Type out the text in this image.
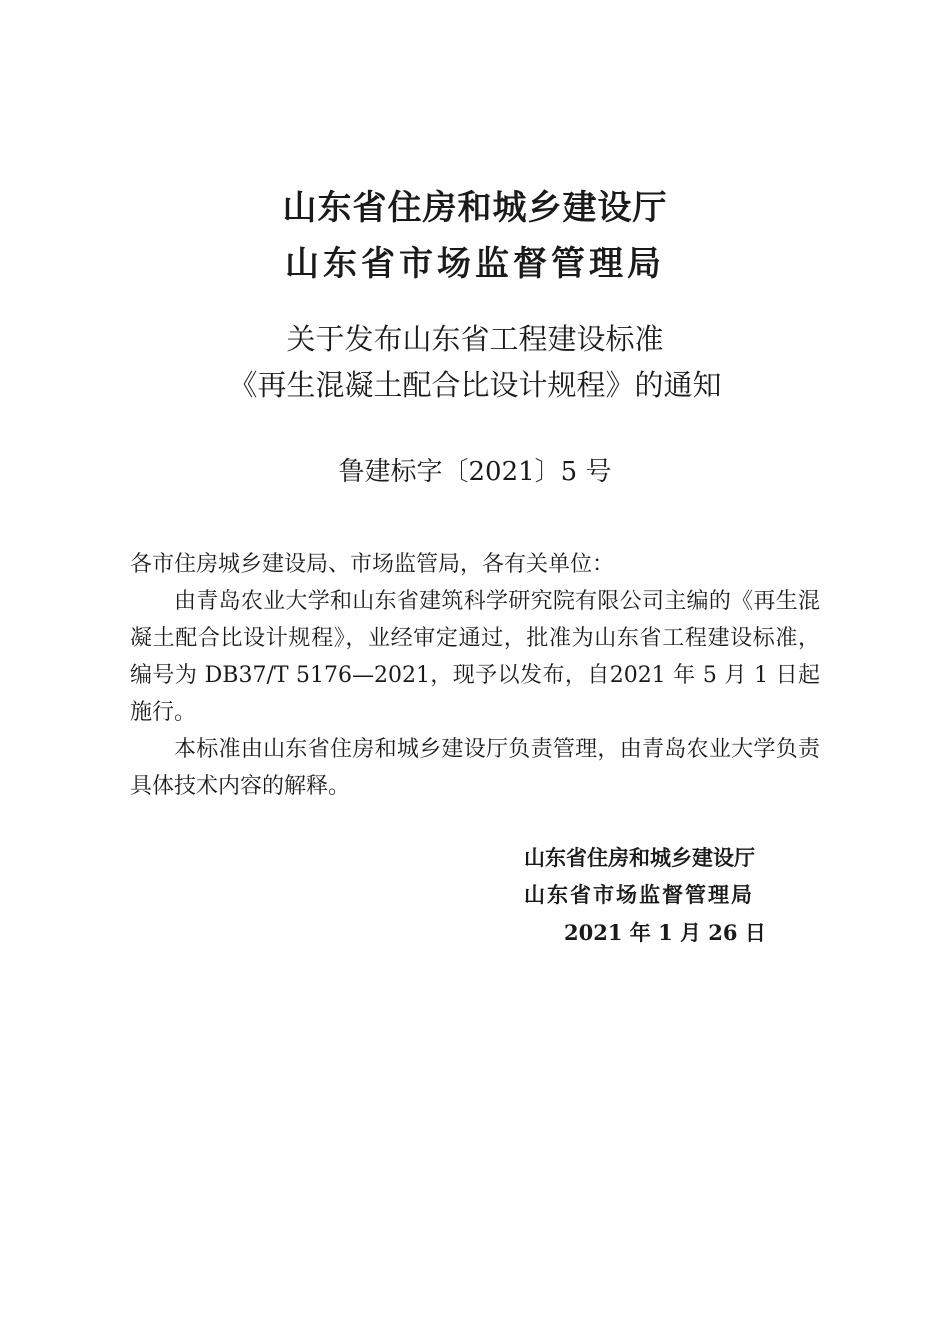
山东省住房和城乡建设厅
山东省市场监督管理局
关于发布山东省工程建设标准
《再生混凝土配合比设计规程》的通知
鲁建标字〔2021〕5 号

各市住房城乡建设局、市场监管局，各有关单位：

由青岛农业大学和山东省建筑科学研究院有限公司主编的《再生混凝土配合比设计规程》，业经审定通过，批准为山东省工程建设标准，编号为 DB37/T 5176—2021，现予以发布，自2021 年 5 月 1 日起施行。

本标准由山东省住房和城乡建设厅负责管理，由青岛农业大学负责具体技术内容的解释。

山东省住房和城乡建设厅
山东省市场监督管理局
2021 年 1 月 26 日
